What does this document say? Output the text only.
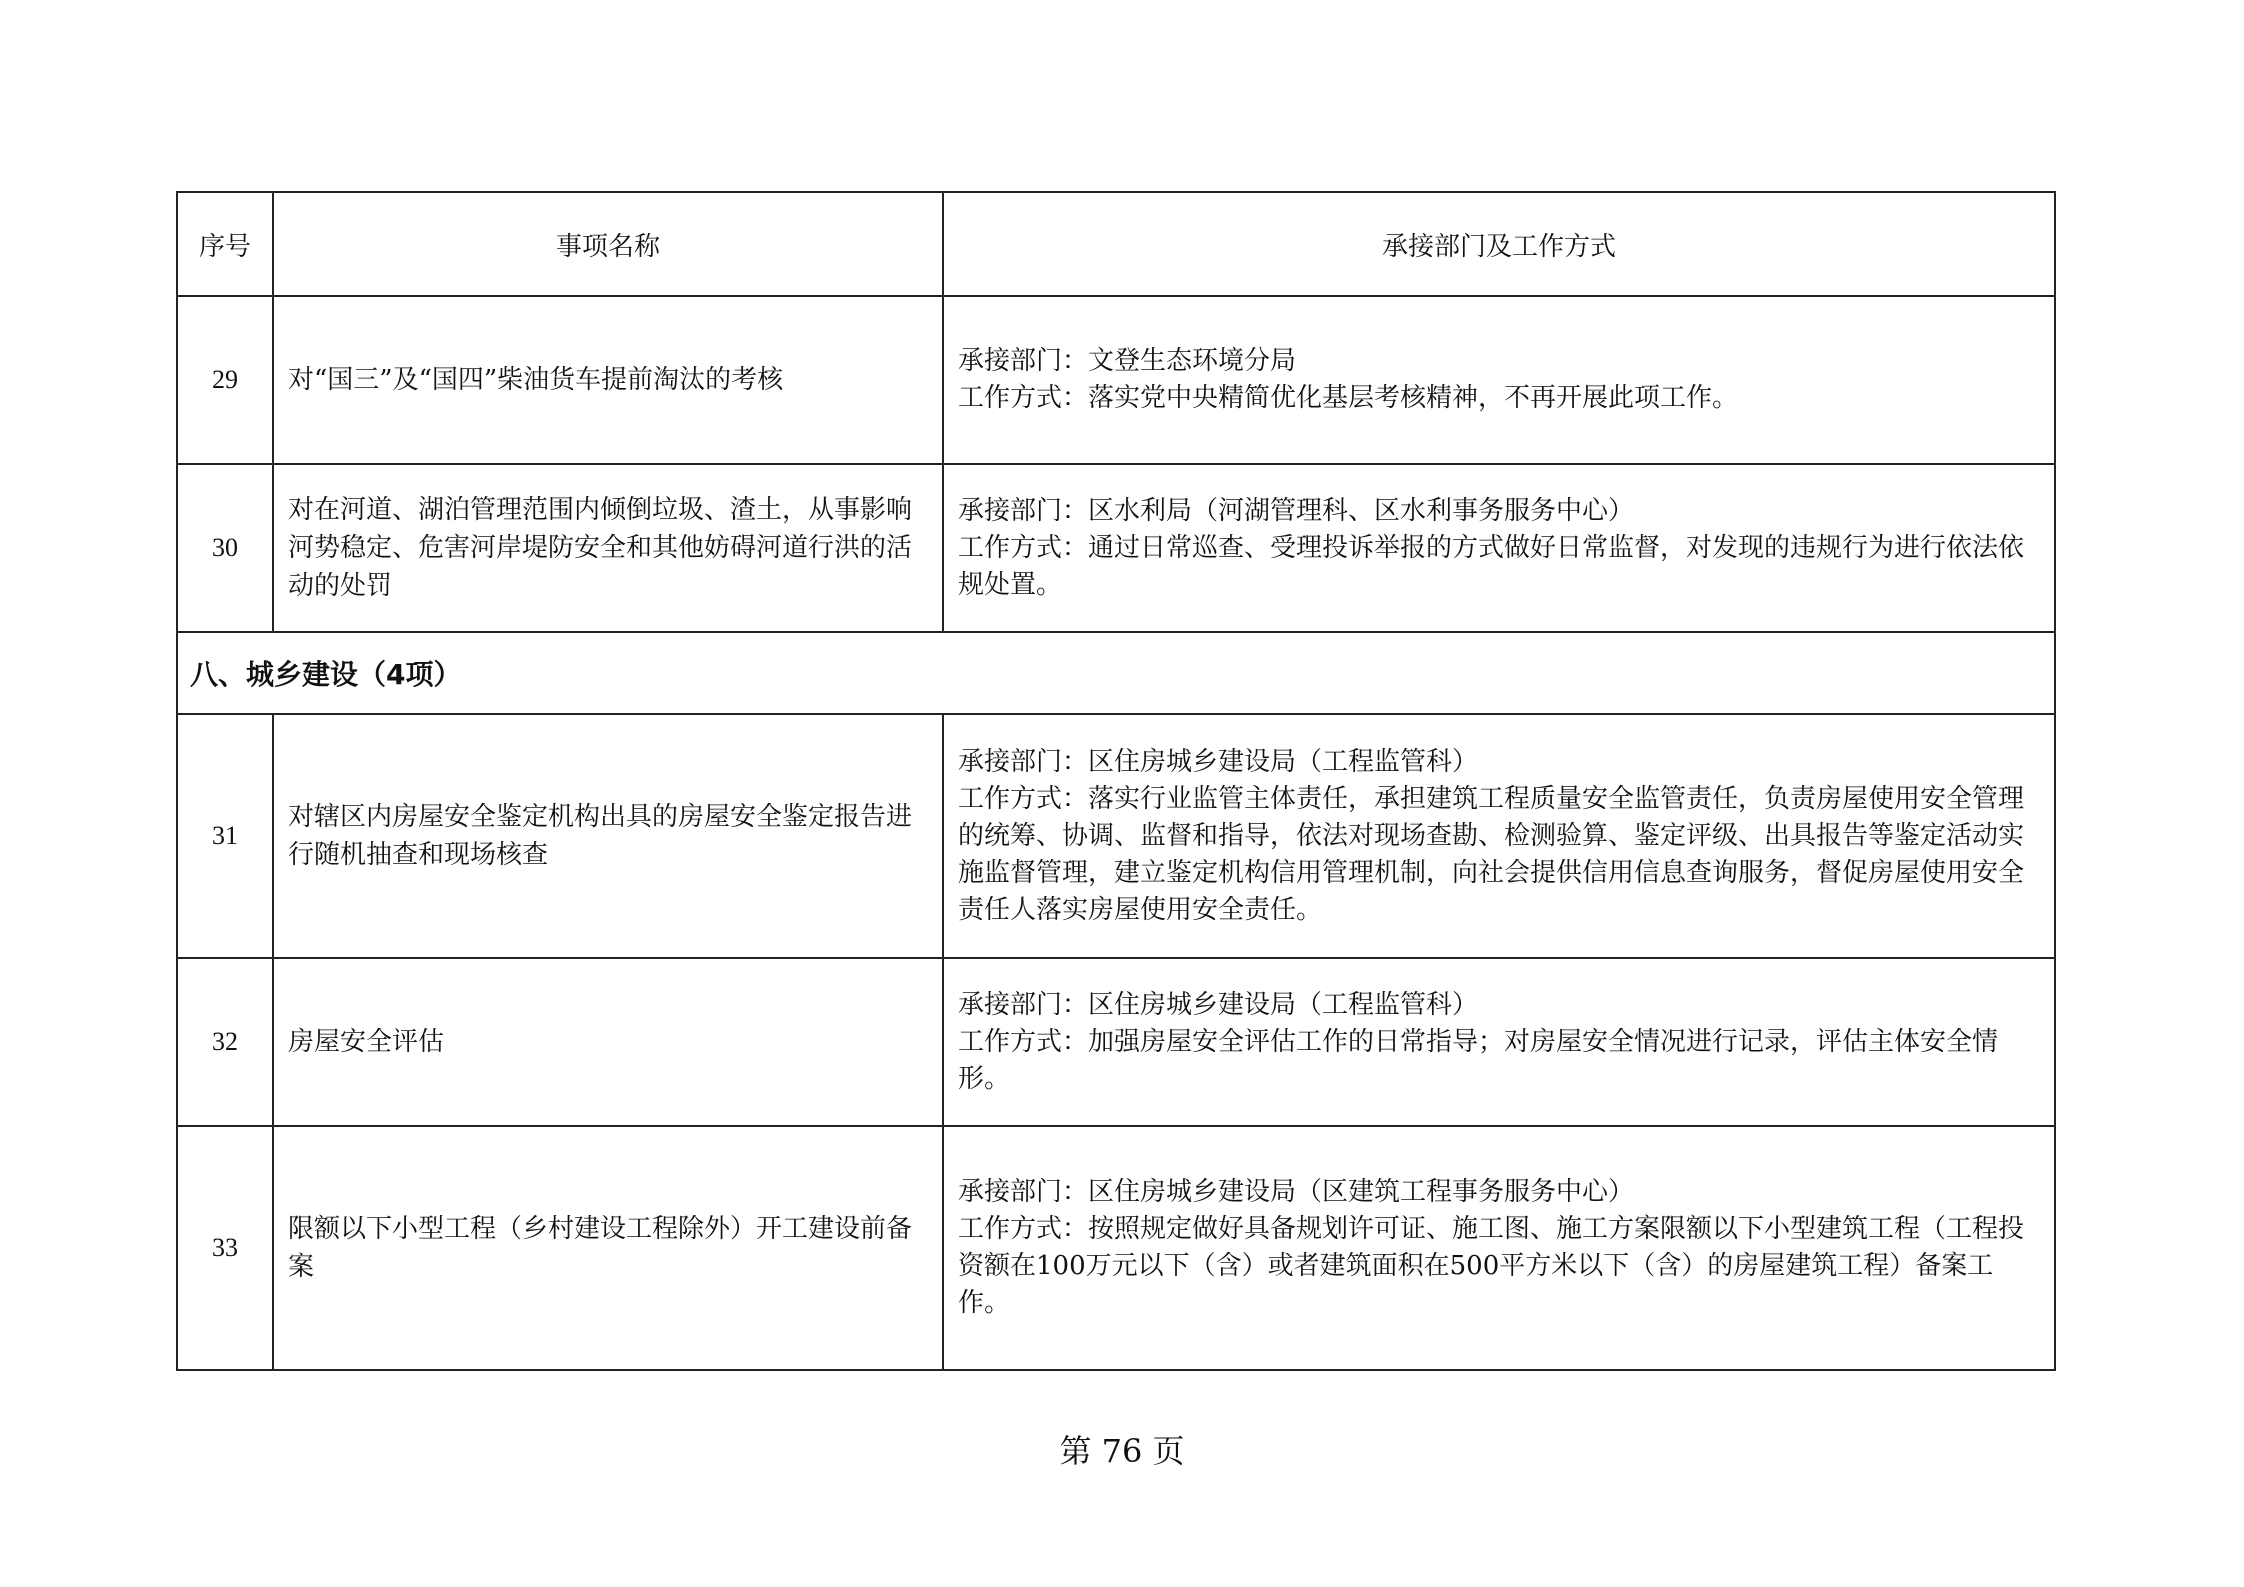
序号	事项名称	承接部门及工作方式
29	对“国三”及“国四”柴油货车提前淘汰的考核	承接部门：文登生态环境分局
工作方式：落实党中央精简优化基层考核精神，不再开展此项工作。

30	对在河道、湖泊管理范围内倾倒垃圾、渣土，从事影响河势稳定、危害河岸堤防安全和其他妨碍河道行洪的活动的处罚	承接部门：区水利局（河湖管理科、区水利事务服务中心）
工作方式：通过日常巡查、受理投诉举报的方式做好日常监督，对发现的违规行为进行依法依规处置。

八、城乡建设（4项）		
31	对辖区内房屋安全鉴定机构出具的房屋安全鉴定报告进行随机抽查和现场核查	承接部门：区住房城乡建设局（工程监管科）
工作方式：落实行业监管主体责任，承担建筑工程质量安全监管责任，负责房屋使用安全管理的统筹、协调、监督和指导，依法对现场查勘、检测验算、鉴定评级、出具报告等鉴定活动实施监督管理，建立鉴定机构信用管理机制，向社会提供信用信息查询服务，督促房屋使用安全责任人落实房屋使用安全责任。

32	房屋安全评估	承接部门：区住房城乡建设局（工程监管科）
工作方式：加强房屋安全评估工作的日常指导；对房屋安全情况进行记录，评估主体安全情形。

33	限额以下小型工程（乡村建设工程除外）开工建设前备案	承接部门：区住房城乡建设局（区建筑工程事务服务中心）
工作方式：按照规定做好具备规划许可证、施工图、施工方案限额以下小型建筑工程（工程投资额在100万元以下（含）或者建筑面积在500平方米以下（含）的房屋建筑工程）备案工作。
第 76 页
